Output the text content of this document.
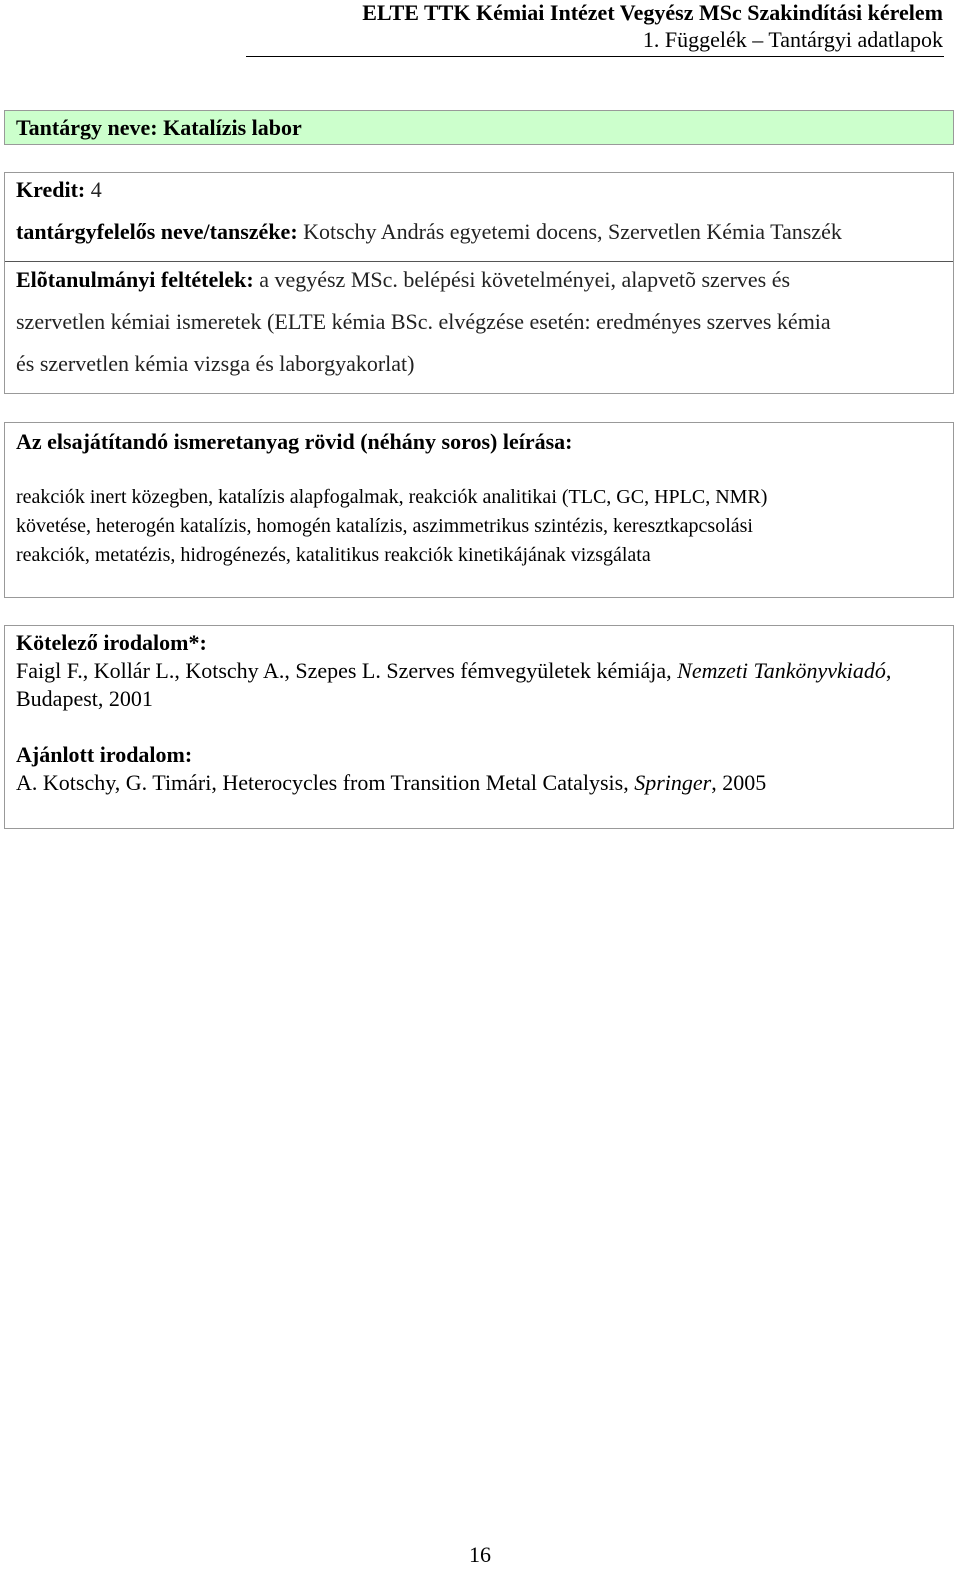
ELTE TTK Kémiai Intézet Vegyész MSc Szakindítási kérelem
1. Függelék – Tantárgyi adatlapok
Tantárgy neve: Katalízis labor
Kredit: 4
tantárgyfelelős neve/tanszéke: Kotschy András egyetemi docens, Szervetlen Kémia Tanszék
Elõtanulmányi feltételek: a vegyész MSc. belépési követelményei, alapvetõ szerves és
szervetlen kémiai ismeretek (ELTE kémia BSc. elvégzése esetén: eredményes szerves kémia
és szervetlen kémia vizsga és laborgyakorlat)
Az elsajátítandó ismeretanyag rövid (néhány soros) leírása:
reakciók inert közegben, katalízis alapfogalmak, reakciók analitikai (TLC, GC, HPLC, NMR)
követése, heterogén katalízis, homogén katalízis, aszimmetrikus szintézis, keresztkapcsolási
reakciók, metatézis, hidrogénezés, katalitikus reakciók kinetikájának vizsgálata
Kötelező irodalom*:
Faigl F., Kollár L., Kotschy A., Szepes L. Szerves fémvegyületek kémiája, Nemzeti Tankönyvkiadó, Budapest, 2001
Ajánlott irodalom:
A. Kotschy, G. Timári, Heterocycles from Transition Metal Catalysis, Springer, 2005
16
